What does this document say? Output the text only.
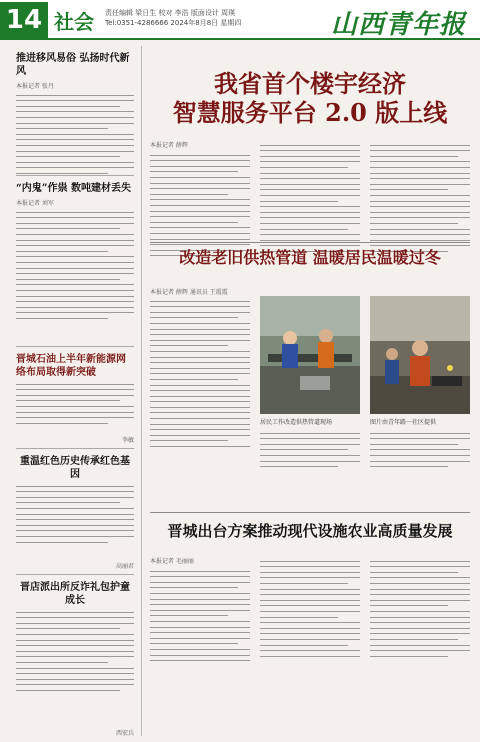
14 社会 责任编辑 梁日生 校对 李浩 版面设计 周瑛
Tel:0351-4286666 2024年8月8日 星期四	山西青年报
推进移风易俗 弘扬时代新风
本报记者 张丹
“内鬼”作祟 数吨建材丢失
本报记者 刘军
晋城石油上半年新能源网络布局取得新突破
李敏
重温红色历史传承红色基因
高丽君
晋店派出所反诈礼包护童成长
西宏兵
我省首个楼宇经济
智慧服务平台 2.0 版上线
本报记者 薛辉
改造老旧供热管道 温暖居民温暖过冬
本报记者 薛辉 通讯员 王霞霞
居民工作改造供热管道现场	图片由青年路一社区提供
晋城出台方案推动现代设施农业高质量发展
本报记者 毛丽丽
